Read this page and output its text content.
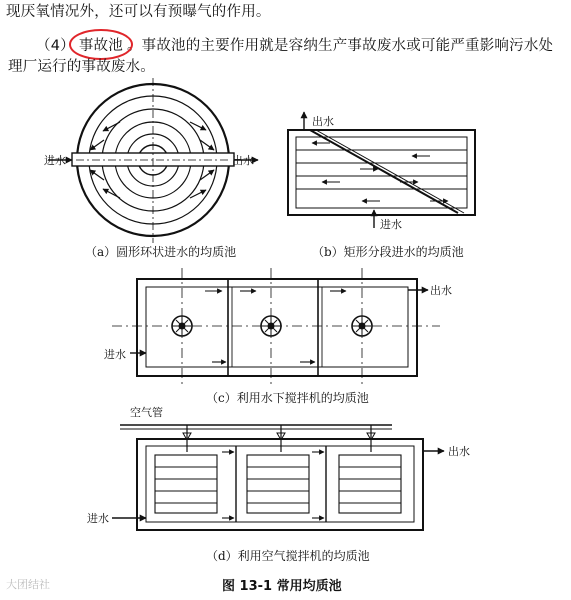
现厌氧情况外，还可以有预曝气的作用。
（4） 事故池 。事故池的主要作用就是容纳生产事故废水或可能严重影响污水处
理厂运行的事故废水。
进水	出水
（a）圆形环状进水的均质池
出水
进水
（b）矩形分段进水的均质池
出水
进水
（c）利用水下搅拌机的均质池
空气管
出水
进水
（d）利用空气搅拌机的均质池
图 13-1 常用均质池
大团结社
